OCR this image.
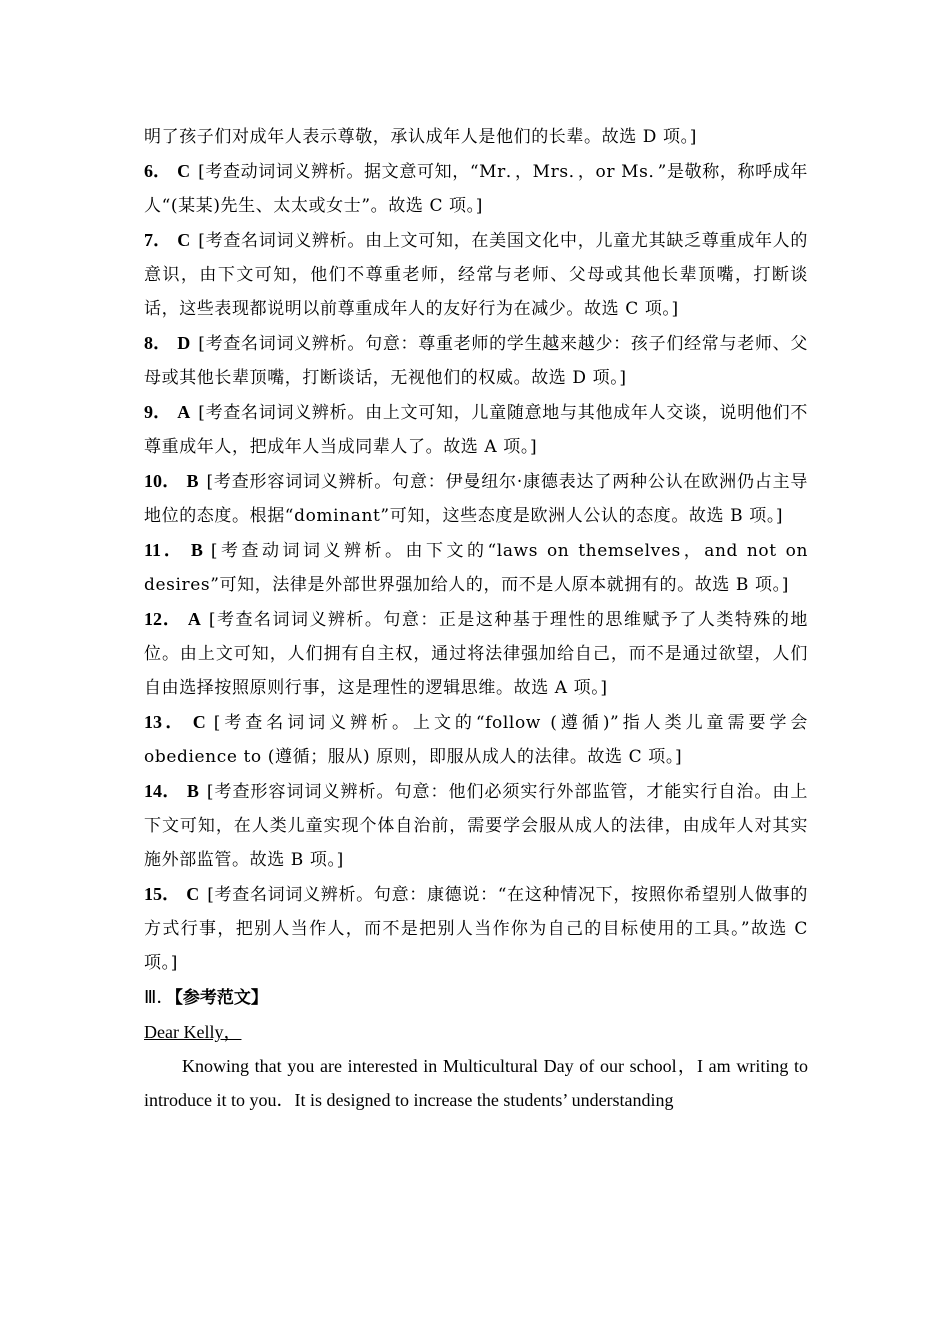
明了孩子们对成年人表示尊敬，承认成年人是他们的长辈。故选 D 项。]

6． C [考查动词词义辨析。据文意可知，“Mr．，Mrs．，or Ms．”是敬称，称呼成年人“(某某)先生、太太或女士”。故选 C 项。]

7． C [考查名词词义辨析。由上文可知，在美国文化中，儿童尤其缺乏尊重成年人的意识，由下文可知，他们不尊重老师，经常与老师、父母或其他长辈顶嘴，打断谈话，这些表现都说明以前尊重成年人的友好行为在减少。故选 C 项。]

8． D [考查名词词义辨析。句意：尊重老师的学生越来越少：孩子们经常与老师、父母或其他长辈顶嘴，打断谈话，无视他们的权威。故选 D 项。]

9． A [考查名词词义辨析。由上文可知，儿童随意地与其他成年人交谈，说明他们不尊重成年人，把成年人当成同辈人了。故选 A 项。]

10． B [考查形容词词义辨析。句意：伊曼纽尔·康德表达了两种公认在欧洲仍占主导地位的态度。根据“dominant”可知，这些态度是欧洲人公认的态度。故选 B 项。]

11． B [考查动词词义辨析。由下文的“laws on themselves，and not on desires”可知，法律是外部世界强加给人的，而不是人原本就拥有的。故选 B 项。]

12． A [考查名词词义辨析。句意：正是这种基于理性的思维赋予了人类特殊的地位。由上文可知，人们拥有自主权，通过将法律强加给自己，而不是通过欲望，人们自由选择按照原则行事，这是理性的逻辑思维。故选 A 项。]

13． C [考查名词词义辨析。上文的“follow (遵循)”指人类儿童需要学会 obedience to (遵循；服从) 原则，即服从成人的法律。故选 C 项。]

14． B [考查形容词词义辨析。句意：他们必须实行外部监管，才能实行自治。由上下文可知，在人类儿童实现个体自治前，需要学会服从成人的法律，由成年人对其实施外部监管。故选 B 项。]

15． C [考查名词词义辨析。句意：康德说：“在这种情况下，按照你希望别人做事的方式行事，把别人当作人，而不是把别人当作你为自己的目标使用的工具。”故选 C 项。]

Ⅲ．【参考范文】

Dear Kelly，

Knowing that you are interested in Multicultural Day of our school，I am writing to introduce it to you．It is designed to increase the students’ understanding
